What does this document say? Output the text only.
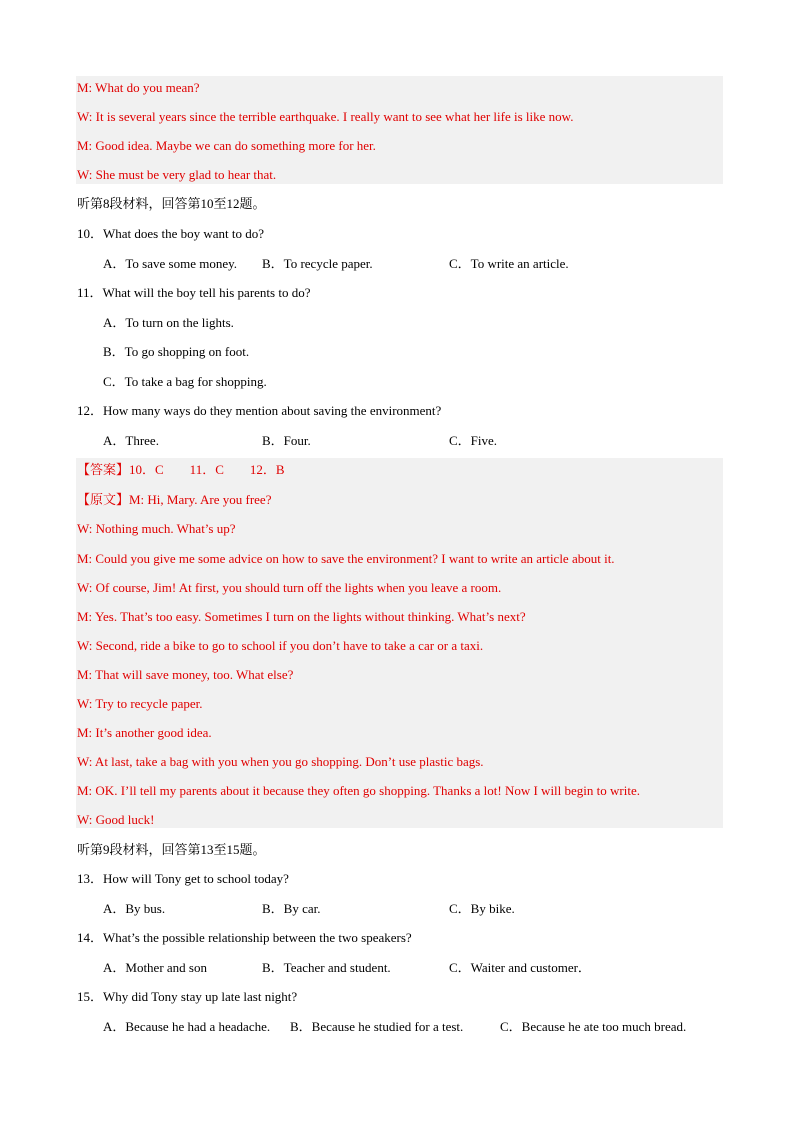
M: What do you mean?
W: It is several years since the terrible earthquake. I really want to see what her life is like now.
M: Good idea. Maybe we can do something more for her.
W: She must be very glad to hear that.
听第8段材料，回答第10至12题。
10．What does the boy want to do?
A．To save some money. B．To recycle paper.	C．To write an article.
11．What will the boy tell his parents to do?
A．To turn on the lights.
B．To go shopping on foot.
C．To take a bag for shopping.
12．How many ways do they mention about saving the environment?
A．Three.	B．Four.	C．Five.
【答案】10．C        11．C        12．B
【原文】M: Hi, Mary. Are you free?
W: Nothing much. What’s up?
M: Could you give me some advice on how to save the environment? I want to write an article about it.
W: Of course, Jim! At first, you should turn off the lights when you leave a room.
M: Yes. That’s too easy. Sometimes I turn on the lights without thinking. What’s next?
W: Second, ride a bike to go to school if you don’t have to take a car or a taxi.
M: That will save money, too. What else?
W: Try to recycle paper.
M: It’s another good idea.
W: At last, take a bag with you when you go shopping. Don’t use plastic bags.
M: OK. I’ll tell my parents about it because they often go shopping. Thanks a lot! Now I will begin to write.
W: Good luck!
听第9段材料，回答第13至15题。
13．How will Tony get to school today?
A．By bus.	B．By car.	C．By bike.
14．What’s the possible relationship between the two speakers?
A．Mother and son	B．Teacher and student.	C．Waiter and customer．
15．Why did Tony stay up late last night?
A．Because he had a headache. B．Because he studied for a test.	C．Because he ate too much bread.
